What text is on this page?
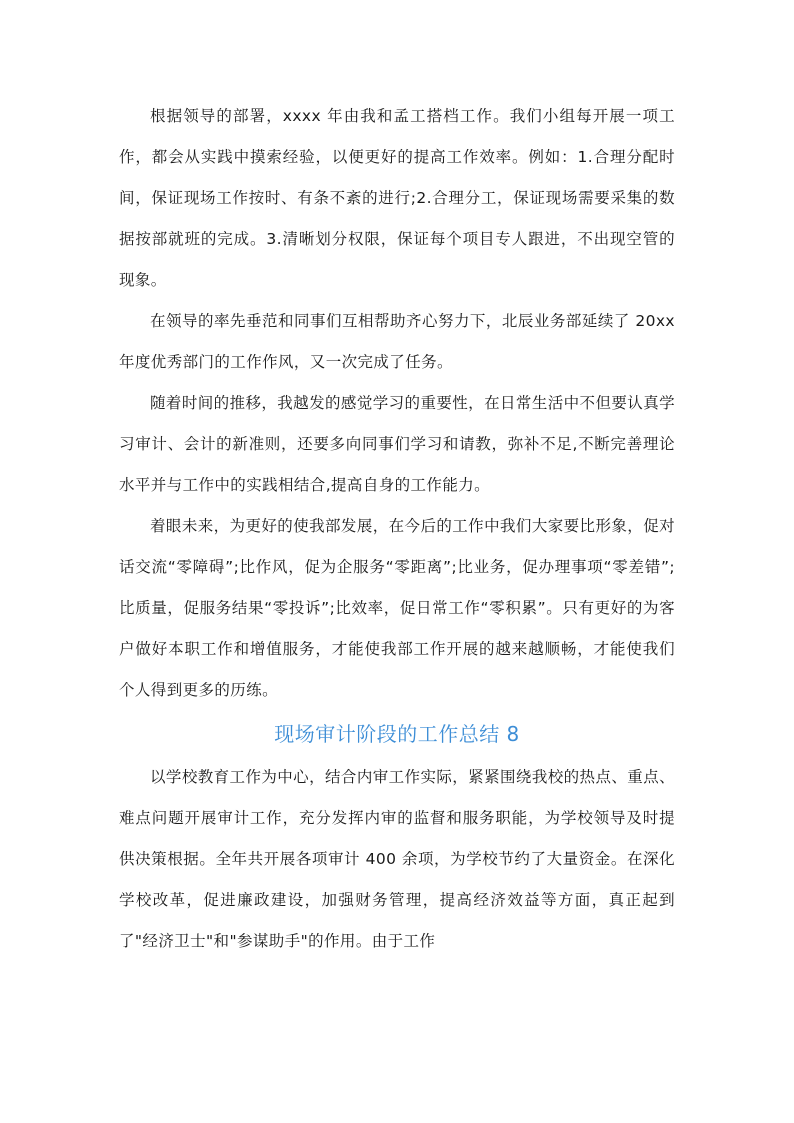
根据领导的部署，xxxx 年由我和孟工搭档工作。我们小组每开展一项工作，都会从实践中摸索经验，以便更好的提高工作效率。例如：1.合理分配时间，保证现场工作按时、有条不紊的进行;2.合理分工，保证现场需要采集的数据按部就班的完成。3.清晰划分权限，保证每个项目专人跟进，不出现空管的现象。

在领导的率先垂范和同事们互相帮助齐心努力下，北辰业务部延续了 20xx 年度优秀部门的工作作风，又一次完成了任务。

随着时间的推移，我越发的感觉学习的重要性，在日常生活中不但要认真学习审计、会计的新准则，还要多向同事们学习和请教，弥补不足,不断完善理论水平并与工作中的实践相结合,提高自身的工作能力。

着眼未来，为更好的使我部发展，在今后的工作中我们大家要比形象，促对话交流“零障碍”;比作风，促为企服务“零距离”;比业务，促办理事项“零差错”;比质量，促服务结果“零投诉”;比效率，促日常工作“零积累”。只有更好的为客户做好本职工作和增值服务，才能使我部工作开展的越来越顺畅，才能使我们个人得到更多的历练。

现场审计阶段的工作总结 8

以学校教育工作为中心，结合内审工作实际，紧紧围绕我校的热点、重点、难点问题开展审计工作，充分发挥内审的监督和服务职能，为学校领导及时提供决策根据。全年共开展各项审计 400 余项，为学校节约了大量资金。在深化学校改革，促进廉政建设，加强财务管理，提高经济效益等方面，真正起到了"经济卫士"和"参谋助手"的作用。由于工作
